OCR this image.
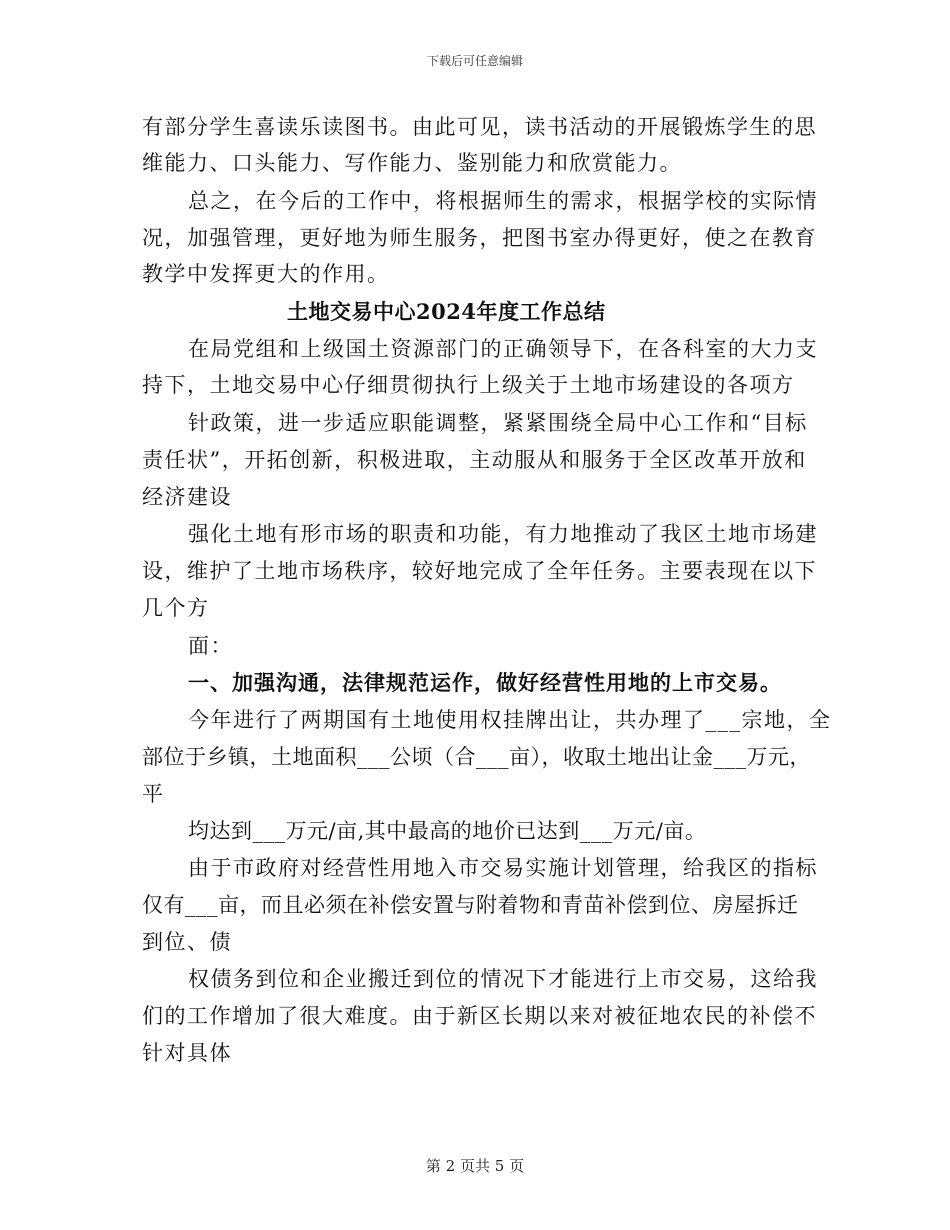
下载后可任意编辑
有部分学生喜读乐读图书。由此可见，读书活动的开展锻炼学生的思
维能力、口头能力、写作能力、鉴别能力和欣赏能力。
总之，在今后的工作中，将根据师生的需求，根据学校的实际情
况，加强管理，更好地为师生服务，把图书室办得更好，使之在教育
教学中发挥更大的作用。
土地交易中心2024年度工作总结
在局党组和上级国土资源部门的正确领导下，在各科室的大力支
持下，土地交易中心仔细贯彻执行上级关于土地市场建设的各项方
针政策，进一步适应职能调整，紧紧围绕全局中心工作和“目标
责任状”，开拓创新，积极进取，主动服从和服务于全区改革开放和
经济建设
强化土地有形市场的职责和功能，有力地推动了我区土地市场建
设，维护了土地市场秩序，较好地完成了全年任务。主要表现在以下
几个方
面：
一、加强沟通，法律规范运作，做好经营性用地的上市交易。
今年进行了两期国有土地使用权挂牌出让，共办理了___宗地，全
部位于乡镇，土地面积___公顷（合___亩），收取土地出让金___万元，
平
均达到___万元/亩,其中最高的地价已达到___万元/亩。
由于市政府对经营性用地入市交易实施计划管理，给我区的指标
仅有___亩，而且必须在补偿安置与附着物和青苗补偿到位、房屋拆迁
到位、债
权债务到位和企业搬迁到位的情况下才能进行上市交易，这给我
们的工作增加了很大难度。由于新区长期以来对被征地农民的补偿不
针对具体
第 2 页共 5 页
